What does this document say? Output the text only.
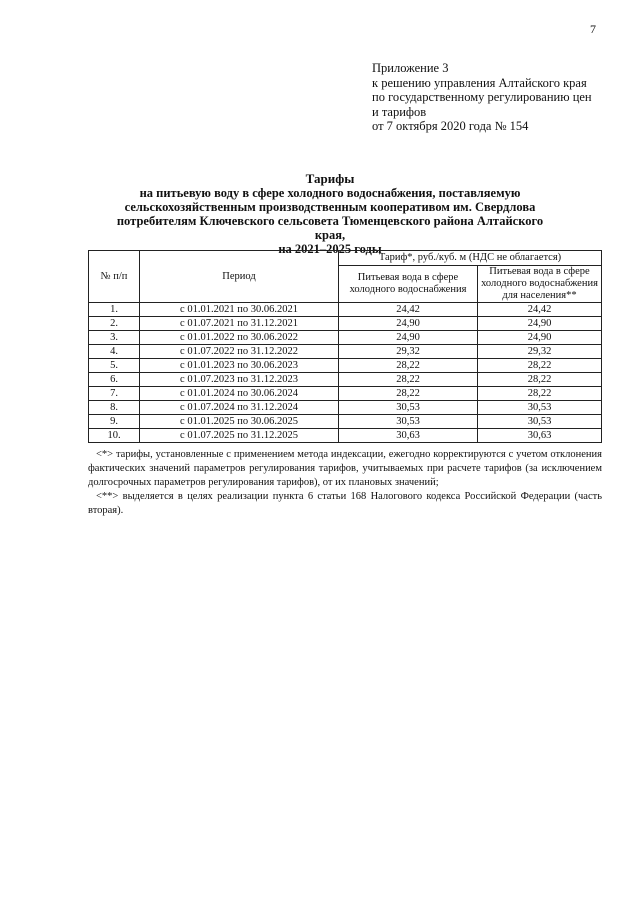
7
Приложение 3
к решению управления Алтайского края
по государственному регулированию цен
и тарифов
от 7 октября 2020 года № 154
Тарифы
на питьевую воду в сфере холодного водоснабжения, поставляемую
сельскохозяйственным производственным кооперативом им. Свердлова
потребителям Ключевского сельсовета Тюменцевского района Алтайского края,
на 2021–2025 годы
№ п/п	Период	Тариф*, руб./куб. м (НДС не облагается)	
		Питьевая вода в сфере холодного водоснабжения	Питьевая вода в сфере холодного водоснабжения для населения**
1.	с 01.01.2021 по 30.06.2021	24,42	24,42
2.	с 01.07.2021 по 31.12.2021	24,90	24,90
3.	с 01.01.2022 по 30.06.2022	24,90	24,90
4.	с 01.07.2022 по 31.12.2022	29,32	29,32
5.	с 01.01.2023 по 30.06.2023	28,22	28,22
6.	с 01.07.2023 по 31.12.2023	28,22	28,22
7.	с 01.01.2024 по 30.06.2024	28,22	28,22
8.	с 01.07.2024 по 31.12.2024	30,53	30,53
9.	с 01.01.2025 по 30.06.2025	30,53	30,53
10.	с 01.07.2025 по 31.12.2025	30,63	30,63

<*> тарифы, установленные с применением метода индексации, ежегодно корректируются с учетом отклонения фактических значений параметров регулирования тарифов, учитываемых при расчете тарифов (за исключением долгосрочных параметров регулирования тарифов), от их плановых значений;

<**> выделяется в целях реализации пункта 6 статьи 168 Налогового кодекса Российской Федерации (часть вторая).
